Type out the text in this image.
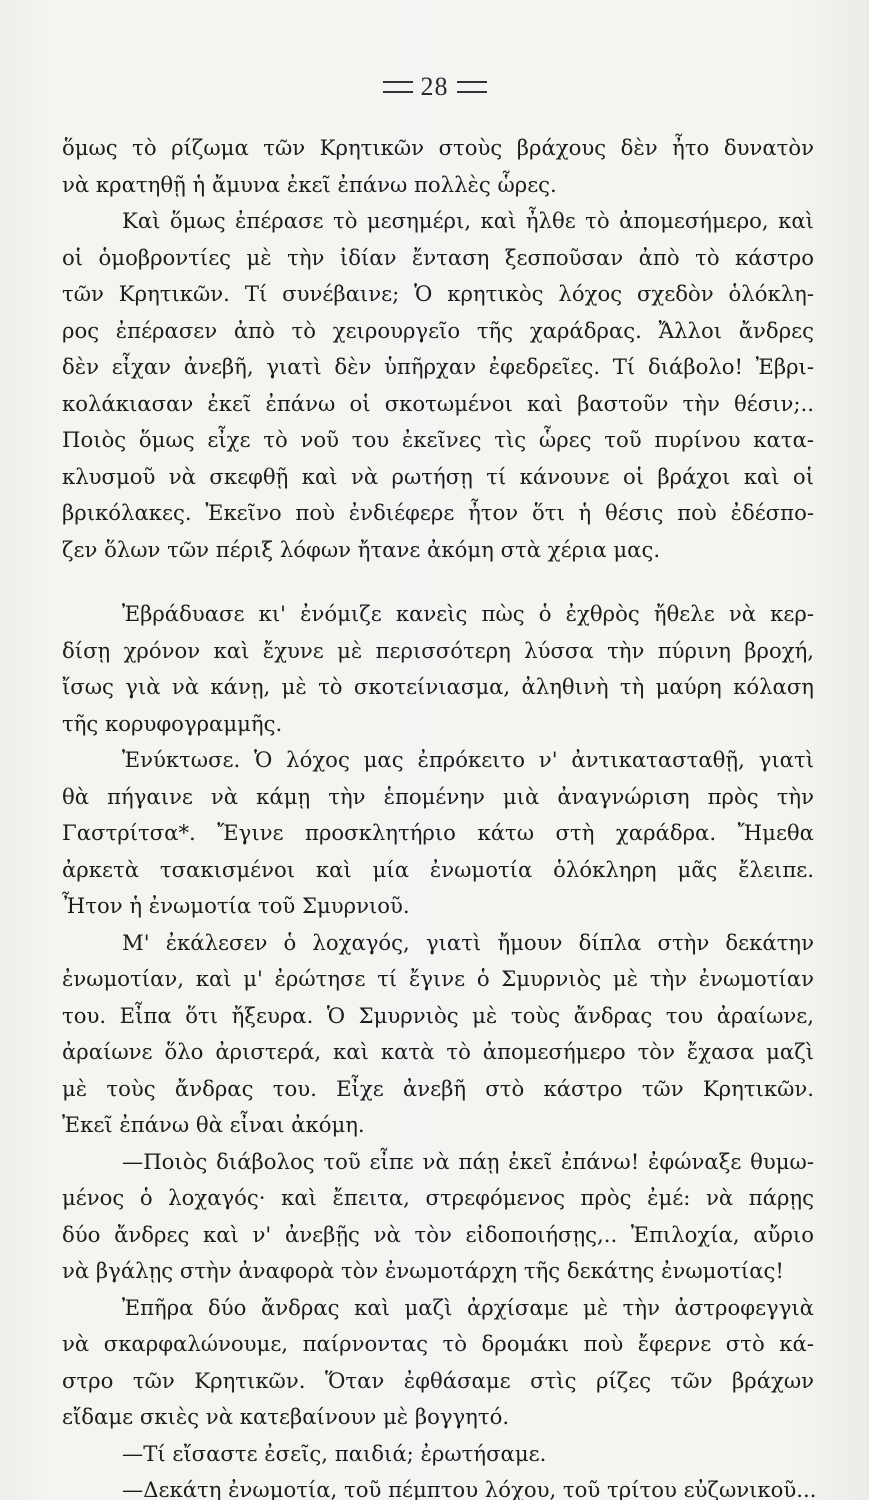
28
ὅμως τὸ ρίζωμα τῶν Κρητικῶν στοὺς βράχους δὲν ἦτο δυνατὸν
νὰ κρατηθῇ ἡ ἄμυνα ἐκεῖ ἐπάνω πολλὲς ὧρες.
Καὶ ὅμως ἐπέρασε τὸ μεσημέρι, καὶ ἦλθε τὸ ἀπομεσήμερο, καὶ
οἱ ὁμοβροντίες μὲ τὴν ἰδίαν ἔνταση ξεσποῦσαν ἀπὸ τὸ κάστρο
τῶν Κρητικῶν. Τί συνέβαινε; Ὁ κρητικὸς λόχος σχεδὸν ὁλόκλη-
ρος ἐπέρασεν ἀπὸ τὸ χειρουργεῖο τῆς χαράδρας. Ἄλλοι ἄνδρες
δὲν εἶχαν ἀνεβῆ, γιατὶ δὲν ὑπῆρχαν ἐφεδρεῖες. Τί διάβολο! Ἐβρι-
κολάκιασαν ἐκεῖ ἐπάνω οἱ σκοτωμένοι καὶ βαστοῦν τὴν θέσιν;..
Ποιὸς ὅμως εἶχε τὸ νοῦ του ἐκεῖνες τὶς ὧρες τοῦ πυρίνου κατα-
κλυσμοῦ νὰ σκεφθῇ καὶ νὰ ρωτήσῃ τί κάνουνε οἱ βράχοι καὶ οἱ
βρικόλακες. Ἐκεῖνο ποὺ ἐνδιέφερε ἦτον ὅτι ἡ θέσις ποὺ ἐδέσπο-
ζεν ὅλων τῶν πέριξ λόφων ἤτανε ἀκόμη στὰ χέρια μας.
Ἐβράδυασε κι' ἐνόμιζε κανεὶς πὼς ὁ ἐχθρὸς ἤθελε νὰ κερ-
δίσῃ χρόνον καὶ ἔχυνε μὲ περισσότερη λύσσα τὴν πύρινη βροχή,
ἴσως γιὰ νὰ κάνῃ, μὲ τὸ σκοτείνιασμα, ἀληθινὴ τὴ μαύρη κόλαση
τῆς κορυφογραμμῆς.
Ἐνύκτωσε. Ὁ λόχος μας ἐπρόκειτο ν' ἀντικατασταθῇ, γιατὶ
θὰ πήγαινε νὰ κάμῃ τὴν ἑπομένην μιὰ ἀναγνώριση πρὸς τὴν
Γαστρίτσα*. Ἔγινε προσκλητήριο κάτω στὴ χαράδρα. Ἤμεθα
ἀρκετὰ τσακισμένοι καὶ μία ἐνωμοτία ὁλόκληρη μᾶς ἔλειπε.
Ἦτον ἡ ἐνωμοτία τοῦ Σμυρνιοῦ.
Μ' ἐκάλεσεν ὁ λοχαγός, γιατὶ ἤμουν δίπλα στὴν δεκάτην
ἐνωμοτίαν, καὶ μ' ἐρώτησε τί ἔγινε ὁ Σμυρνιὸς μὲ τὴν ἐνωμοτίαν
του. Εἶπα ὅτι ἤξευρα. Ὁ Σμυρνιὸς μὲ τοὺς ἄνδρας του ἀραίωνε,
ἀραίωνε ὅλο ἀριστερά, καὶ κατὰ τὸ ἀπομεσήμερο τὸν ἔχασα μαζὶ
μὲ τοὺς ἄνδρας του. Εἶχε ἀνεβῆ στὸ κάστρο τῶν Κρητικῶν.
Ἐκεῖ ἐπάνω θὰ εἶναι ἀκόμη.
—Ποιὸς διάβολος τοῦ εἶπε νὰ πάῃ ἐκεῖ ἐπάνω! ἐφώναξε θυμω-
μένος ὁ λοχαγός· καὶ ἔπειτα, στρεφόμενος πρὸς ἐμέ: νὰ πάρῃς
δύο ἄνδρες καὶ ν' ἀνεβῇς νὰ τὸν εἰδοποιήσῃς,.. Ἐπιλοχία, αὔριο
νὰ βγάλῃς στὴν ἀναφορὰ τὸν ἐνωμοτάρχη τῆς δεκάτης ἐνωμοτίας!
Ἐπῆρα δύο ἄνδρας καὶ μαζὶ ἀρχίσαμε μὲ τὴν ἀστροφεγγιὰ
νὰ σκαρφαλώνουμε, παίρνοντας τὸ δρομάκι ποὺ ἔφερνε στὸ κά-
στρο τῶν Κρητικῶν. Ὅταν ἐφθάσαμε στὶς ρίζες τῶν βράχων
εἴδαμε σκιὲς νὰ κατεβαίνουν μὲ βογγητό.
—Τί εἴσαστε ἐσεῖς, παιδιά; ἐρωτήσαμε.
—Δεκάτη ἐνωμοτία, τοῦ πέμπτου λόχου, τοῦ τρίτου εὐζωνικοῦ...
